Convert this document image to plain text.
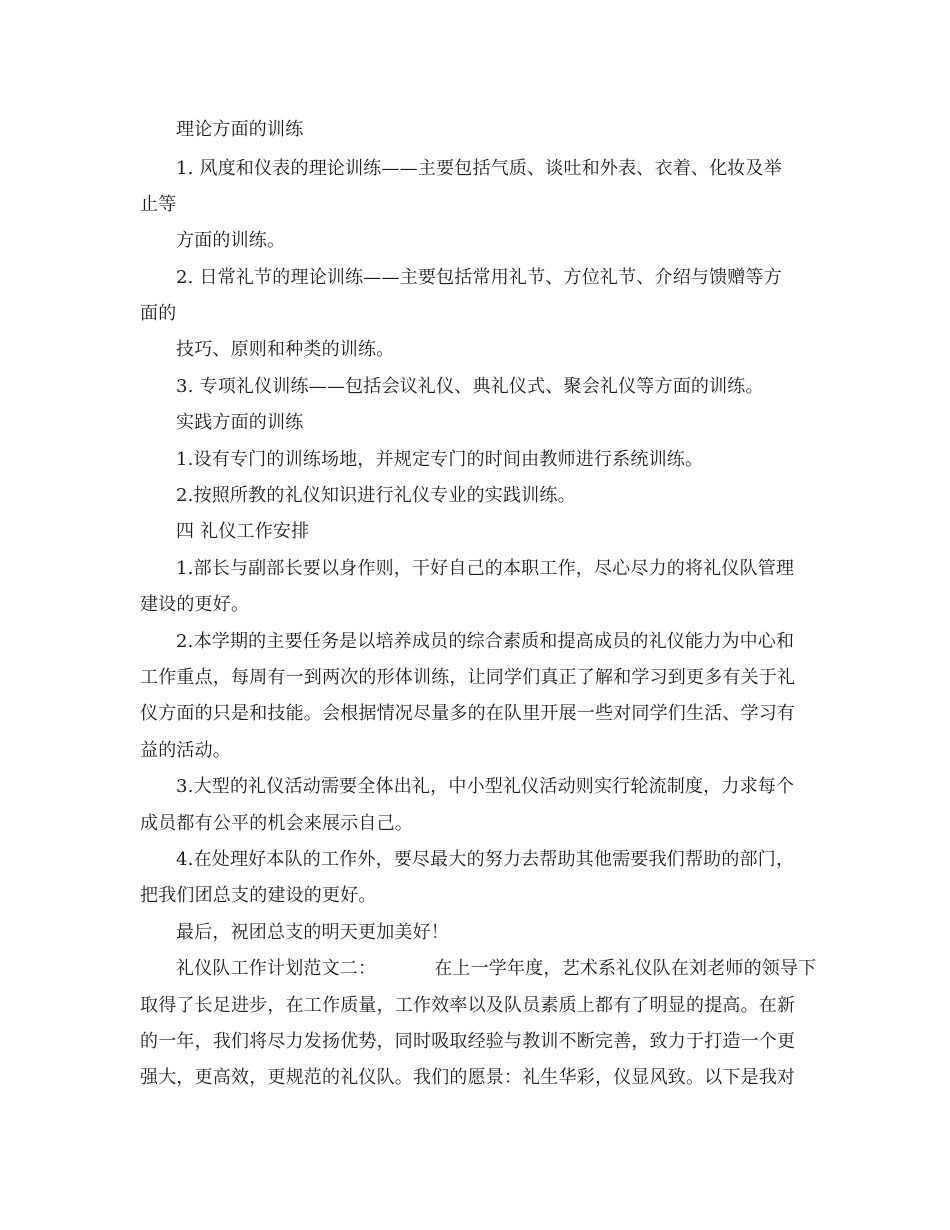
理论方面的训练
1. 风度和仪表的理论训练——主要包括气质、谈吐和外表、衣着、化妆及举
止等
方面的训练。
2. 日常礼节的理论训练——主要包括常用礼节、方位礼节、介绍与馈赠等方
面的
技巧、原则和种类的训练。
3. 专项礼仪训练——包括会议礼仪、典礼仪式、聚会礼仪等方面的训练。
实践方面的训练
1.设有专门的训练场地，并规定专门的时间由教师进行系统训练。
2.按照所教的礼仪知识进行礼仪专业的实践训练。
四 礼仪工作安排
1.部长与副部长要以身作则，干好自己的本职工作，尽心尽力的将礼仪队管理
建设的更好。
2.本学期的主要任务是以培养成员的综合素质和提高成员的礼仪能力为中心和
工作重点，每周有一到两次的形体训练，让同学们真正了解和学习到更多有关于礼
仪方面的只是和技能。会根据情况尽量多的在队里开展一些对同学们生活、学习有
益的活动。
3.大型的礼仪活动需要全体出礼，中小型礼仪活动则实行轮流制度，力求每个
成员都有公平的机会来展示自己。
4.在处理好本队的工作外，要尽最大的努力去帮助其他需要我们帮助的部门，
把我们团总支的建设的更好。
最后，祝团总支的明天更加美好！
礼仪队工作计划范文二：	在上一学年度，艺术系礼仪队在刘老师的领导下
取得了长足进步，在工作质量，工作效率以及队员素质上都有了明显的提高。在新
的一年，我们将尽力发扬优势，同时吸取经验与教训不断完善，致力于打造一个更
强大，更高效，更规范的礼仪队。我们的愿景：礼生华彩，仪显风致。以下是我对
